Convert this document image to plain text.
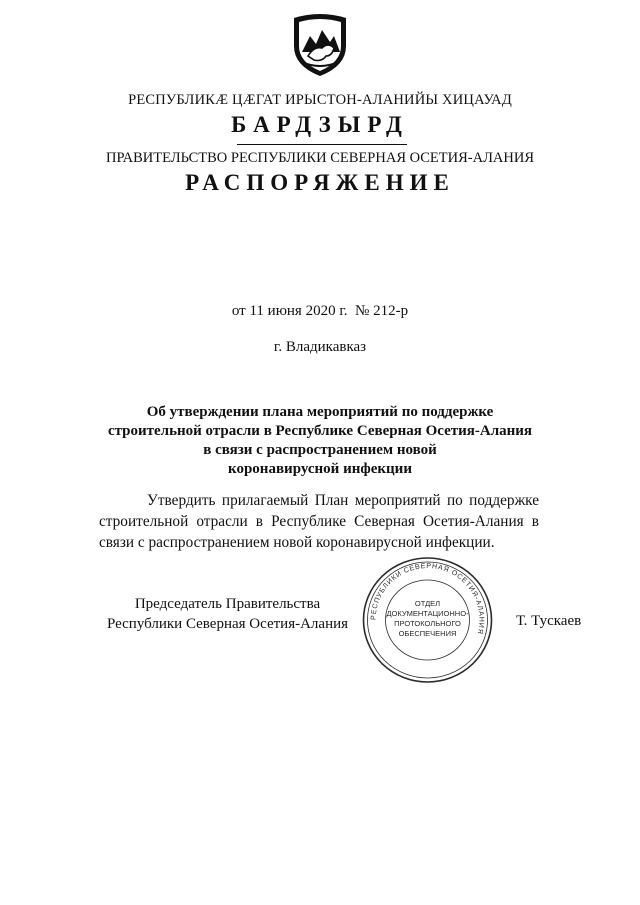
РЕСПУБЛИКÆ ЦÆГАТ ИРЫСТОН-АЛАНИЙЫ ХИЦАУАД
БАРДЗЫРД
ПРАВИТЕЛЬСТВО РЕСПУБЛИКИ СЕВЕРНАЯ ОСЕТИЯ-АЛАНИЯ
РАСПОРЯЖЕНИЕ
от 11 июня 2020 г.  № 212-р
г. Владикавказ
Об утверждении плана мероприятий по поддержке
строительной отрасли в Республике Северная Осетия-Алания
в связи с распространением новой
коронавирусной инфекции
Утвердить прилагаемый План мероприятий по поддержке строительной отрасли в Республике Северная Осетия-Алания в связи с распространением новой коронавирусной инфекции.
Председатель Правительства
Республики Северная Осетия-Алания	Т. Тускаев
РЕСПУБЛИКИ СЕВЕРНАЯ ОСЕТИЯ-АЛАНИЯ
ОТДЕЛ
ДОКУМЕНТАЦИОННО-
ПРОТОКОЛЬНОГО
ОБЕСПЕЧЕНИЯ
